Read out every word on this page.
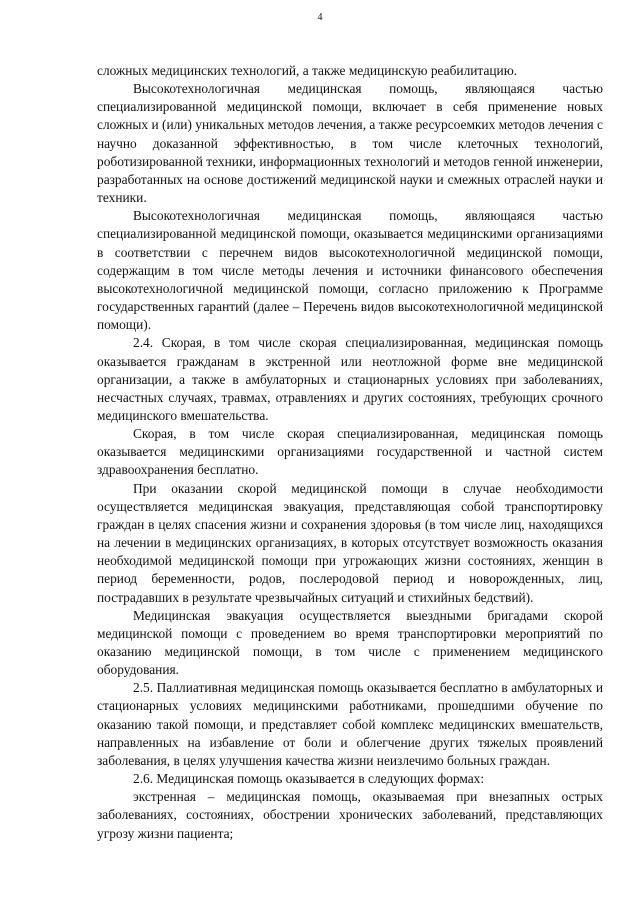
4

сложных медицинских технологий, а также медицинскую реабилитацию.

Высокотехнологичная медицинская помощь, являющаяся частью специализированной медицинской помощи, включает в себя применение новых сложных и (или) уникальных методов лечения, а также ресурсоемких методов лечения с научно доказанной эффективностью, в том числе клеточных технологий, роботизированной техники, информационных технологий и методов генной инженерии, разработанных на основе достижений медицинской науки и смежных отраслей науки и техники.

Высокотехнологичная медицинская помощь, являющаяся частью специализированной медицинской помощи, оказывается медицинскими организациями в соответствии с перечнем видов высокотехнологичной медицинской помощи, содержащим в том числе методы лечения и источники финансового обеспечения высокотехнологичной медицинской помощи, согласно приложению к Программе государственных гарантий (далее – Перечень видов высокотехнологичной медицинской помощи).

2.4. Скорая, в том числе скорая специализированная, медицинская помощь оказывается гражданам в экстренной или неотложной форме вне медицинской организации, а также в амбулаторных и стационарных условиях при заболеваниях, несчастных случаях, травмах, отравлениях и других состояниях, требующих срочного медицинского вмешательства.

Скорая, в том числе скорая специализированная, медицинская помощь оказывается медицинскими организациями государственной и частной систем здравоохранения бесплатно.

При оказании скорой медицинской помощи в случае необходимости осуществляется медицинская эвакуация, представляющая собой транспортировку граждан в целях спасения жизни и сохранения здоровья (в том числе лиц, находящихся на лечении в медицинских организациях, в которых отсутствует возможность оказания необходимой медицинской помощи при угрожающих жизни состояниях, женщин в период беременности, родов, послеродовой период и новорожденных, лиц, пострадавших в результате чрезвычайных ситуаций и стихийных бедствий).

Медицинская эвакуация осуществляется выездными бригадами скорой медицинской помощи с проведением во время транспортировки мероприятий по оказанию медицинской помощи, в том числе с применением медицинского оборудования.

2.5. Паллиативная медицинская помощь оказывается бесплатно в амбулаторных и стационарных условиях медицинскими работниками, прошедшими обучение по оказанию такой помощи, и представляет собой комплекс медицинских вмешательств, направленных на избавление от боли и облегчение других тяжелых проявлений заболевания, в целях улучшения качества жизни неизлечимо больных граждан.

2.6. Медицинская помощь оказывается в следующих формах:

экстренная – медицинская помощь, оказываемая при внезапных острых заболеваниях, состояниях, обострении хронических заболеваний, представляющих угрозу жизни пациента;
